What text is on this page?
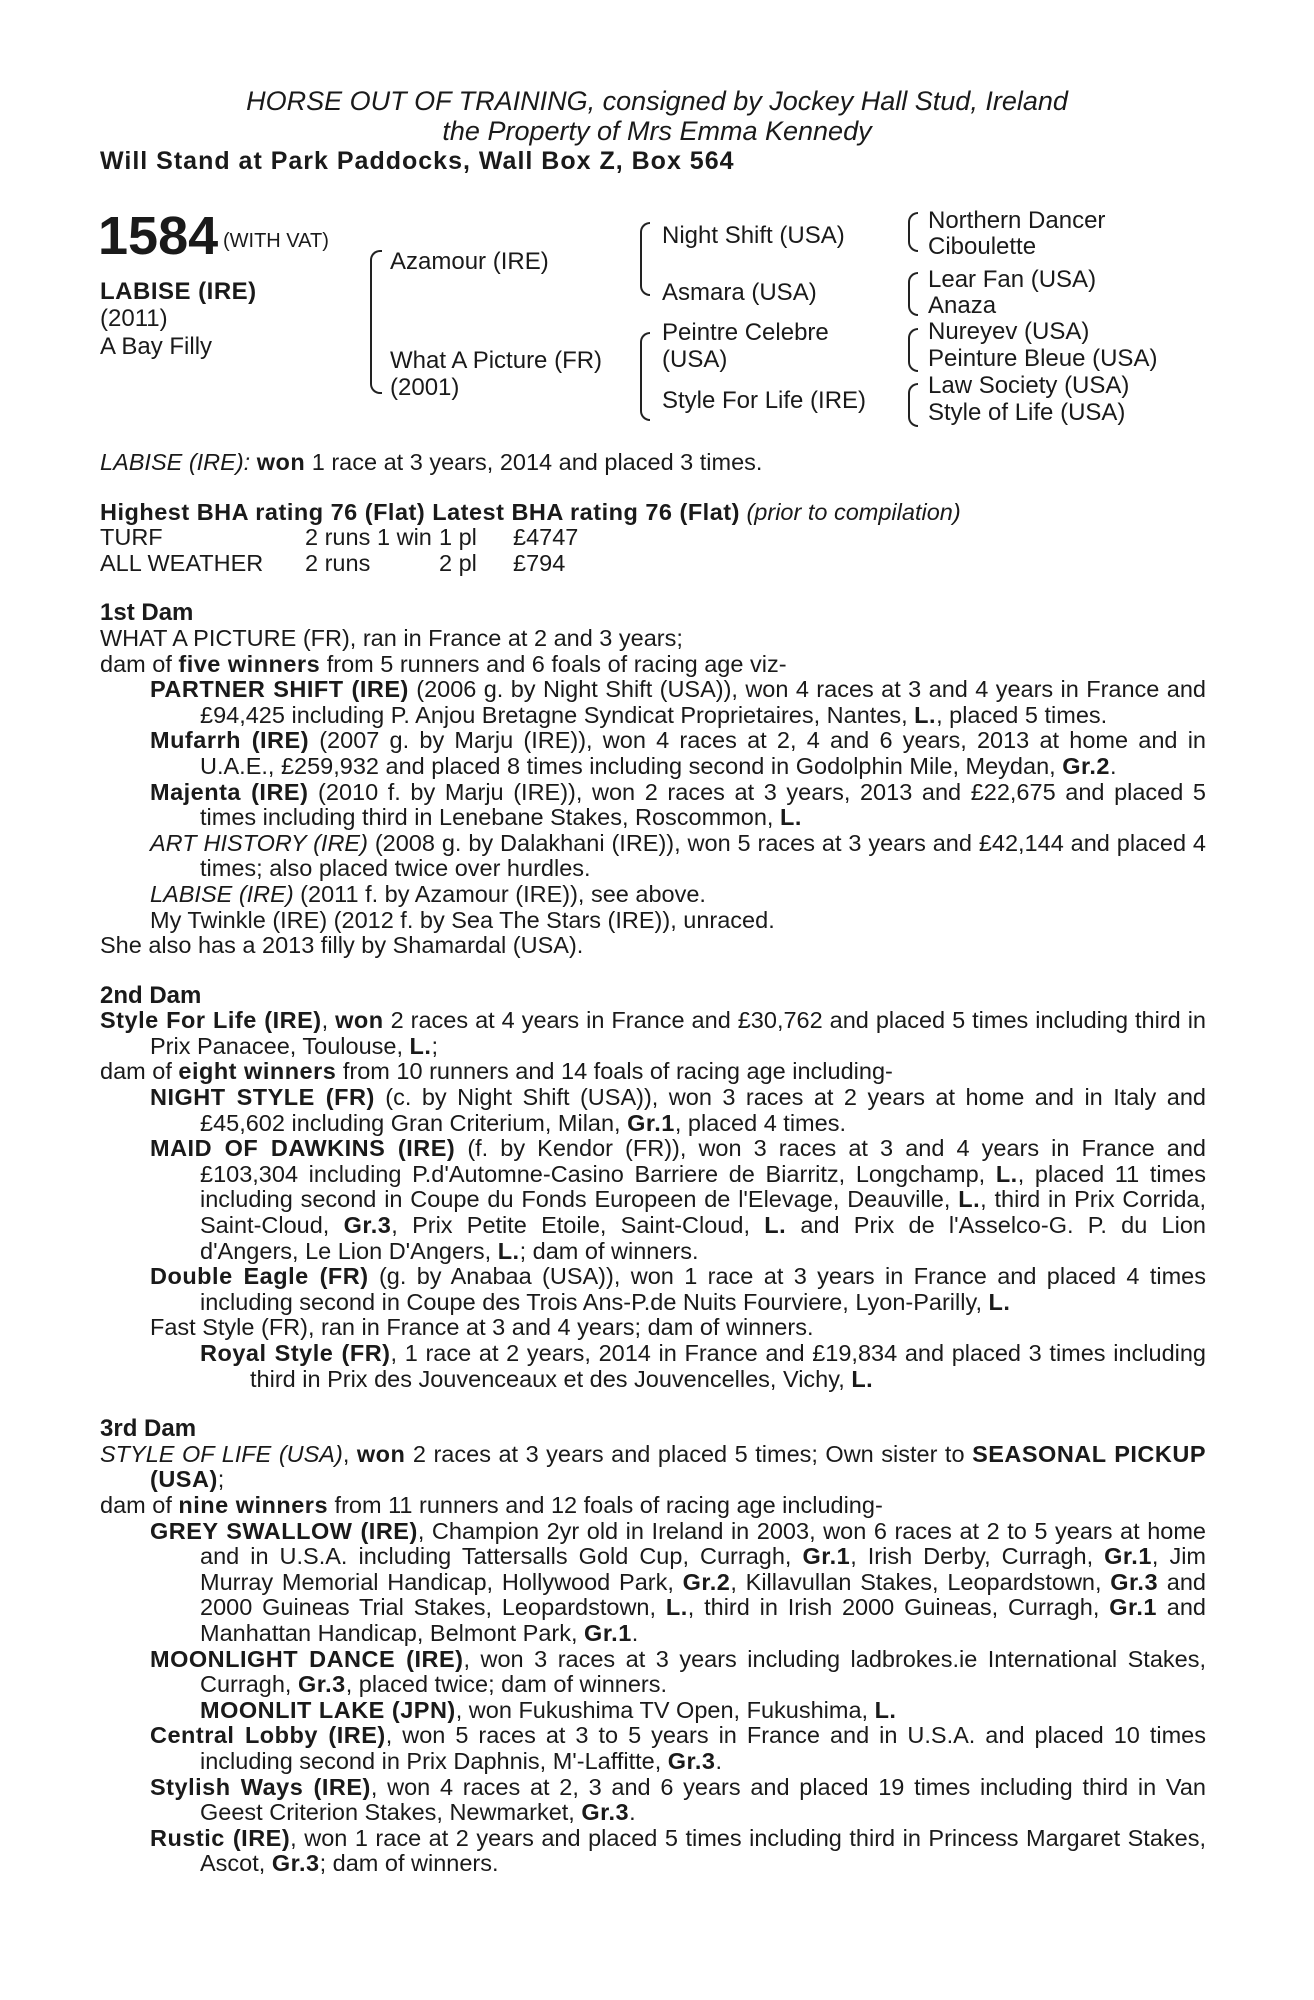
HORSE OUT OF TRAINING, consigned by Jockey Hall Stud, Ireland
the Property of Mrs Emma Kennedy
Will Stand at Park Paddocks, Wall Box Z, Box 564
1584 (WITH VAT)
LABISE (IRE)
(2011)
A Bay Filly
Azamour (IRE)
What A Picture (FR)
(2001)
Night Shift (USA)
Asmara (USA)
Peintre Celebre
(USA)
Style For Life (IRE)
Northern Dancer
Ciboulette
Lear Fan (USA)
Anaza
Nureyev (USA)
Peinture Bleue (USA)
Law Society (USA)
Style of Life (USA)

LABISE (IRE): won 1 race at 3 years, 2014 and placed 3 times.

Highest BHA rating 76 (Flat) Latest BHA rating 76 (Flat) (prior to compilation)

TURF	2 runs 1 win 1 pl	£4747
ALL WEATHER	2 runs	2 pl	£794

1st Dam

WHAT A PICTURE (FR), ran in France at 2 and 3 years;

dam of five winners from 5 runners and 6 foals of racing age viz-

PARTNER SHIFT (IRE) (2006 g. by Night Shift (USA)), won 4 races at 3 and 4 years in France and £94,425 including P. Anjou Bretagne Syndicat Proprietaires, Nantes, L., placed 5 times.

Mufarrh (IRE) (2007 g. by Marju (IRE)), won 4 races at 2, 4 and 6 years, 2013 at home and in U.A.E., £259,932 and placed 8 times including second in Godolphin Mile, Meydan, Gr.2.

Majenta (IRE) (2010 f. by Marju (IRE)), won 2 races at 3 years, 2013 and £22,675 and placed 5 times including third in Lenebane Stakes, Roscommon, L.

ART HISTORY (IRE) (2008 g. by Dalakhani (IRE)), won 5 races at 3 years and £42,144 and placed 4 times; also placed twice over hurdles.

LABISE (IRE) (2011 f. by Azamour (IRE)), see above.

My Twinkle (IRE) (2012 f. by Sea The Stars (IRE)), unraced.

She also has a 2013 filly by Shamardal (USA).

2nd Dam

Style For Life (IRE), won 2 races at 4 years in France and £30,762 and placed 5 times including third in Prix Panacee, Toulouse, L.;

dam of eight winners from 10 runners and 14 foals of racing age including-

NIGHT STYLE (FR) (c. by Night Shift (USA)), won 3 races at 2 years at home and in Italy and £45,602 including Gran Criterium, Milan, Gr.1, placed 4 times.

MAID OF DAWKINS (IRE) (f. by Kendor (FR)), won 3 races at 3 and 4 years in France and £103,304 including P.d'Automne-Casino Barriere de Biarritz, Longchamp, L., placed 11 times including second in Coupe du Fonds Europeen de l'Elevage, Deauville, L., third in Prix Corrida, Saint-Cloud, Gr.3, Prix Petite Etoile, Saint-Cloud, L. and Prix de l'Asselco-G. P. du Lion d'Angers, Le Lion D'Angers, L.; dam of winners.

Double Eagle (FR) (g. by Anabaa (USA)), won 1 race at 3 years in France and placed 4 times including second in Coupe des Trois Ans-P.de Nuits Fourviere, Lyon-Parilly, L.

Fast Style (FR), ran in France at 3 and 4 years; dam of winners.

Royal Style (FR), 1 race at 2 years, 2014 in France and £19,834 and placed 3 times including third in Prix des Jouvenceaux et des Jouvencelles, Vichy, L.

3rd Dam

STYLE OF LIFE (USA), won 2 races at 3 years and placed 5 times; Own sister to SEASONAL PICKUP (USA);

dam of nine winners from 11 runners and 12 foals of racing age including-

GREY SWALLOW (IRE), Champion 2yr old in Ireland in 2003, won 6 races at 2 to 5 years at home and in U.S.A. including Tattersalls Gold Cup, Curragh, Gr.1, Irish Derby, Curragh, Gr.1, Jim Murray Memorial Handicap, Hollywood Park, Gr.2, Killavullan Stakes, Leopardstown, Gr.3 and 2000 Guineas Trial Stakes, Leopardstown, L., third in Irish 2000 Guineas, Curragh, Gr.1 and Manhattan Handicap, Belmont Park, Gr.1.

MOONLIGHT DANCE (IRE), won 3 races at 3 years including ladbrokes.ie International Stakes, Curragh, Gr.3, placed twice; dam of winners.

MOONLIT LAKE (JPN), won Fukushima TV Open, Fukushima, L.

Central Lobby (IRE), won 5 races at 3 to 5 years in France and in U.S.A. and placed 10 times including second in Prix Daphnis, M'-Laffitte, Gr.3.

Stylish Ways (IRE), won 4 races at 2, 3 and 6 years and placed 19 times including third in Van Geest Criterion Stakes, Newmarket, Gr.3.

Rustic (IRE), won 1 race at 2 years and placed 5 times including third in Princess Margaret Stakes, Ascot, Gr.3; dam of winners.
